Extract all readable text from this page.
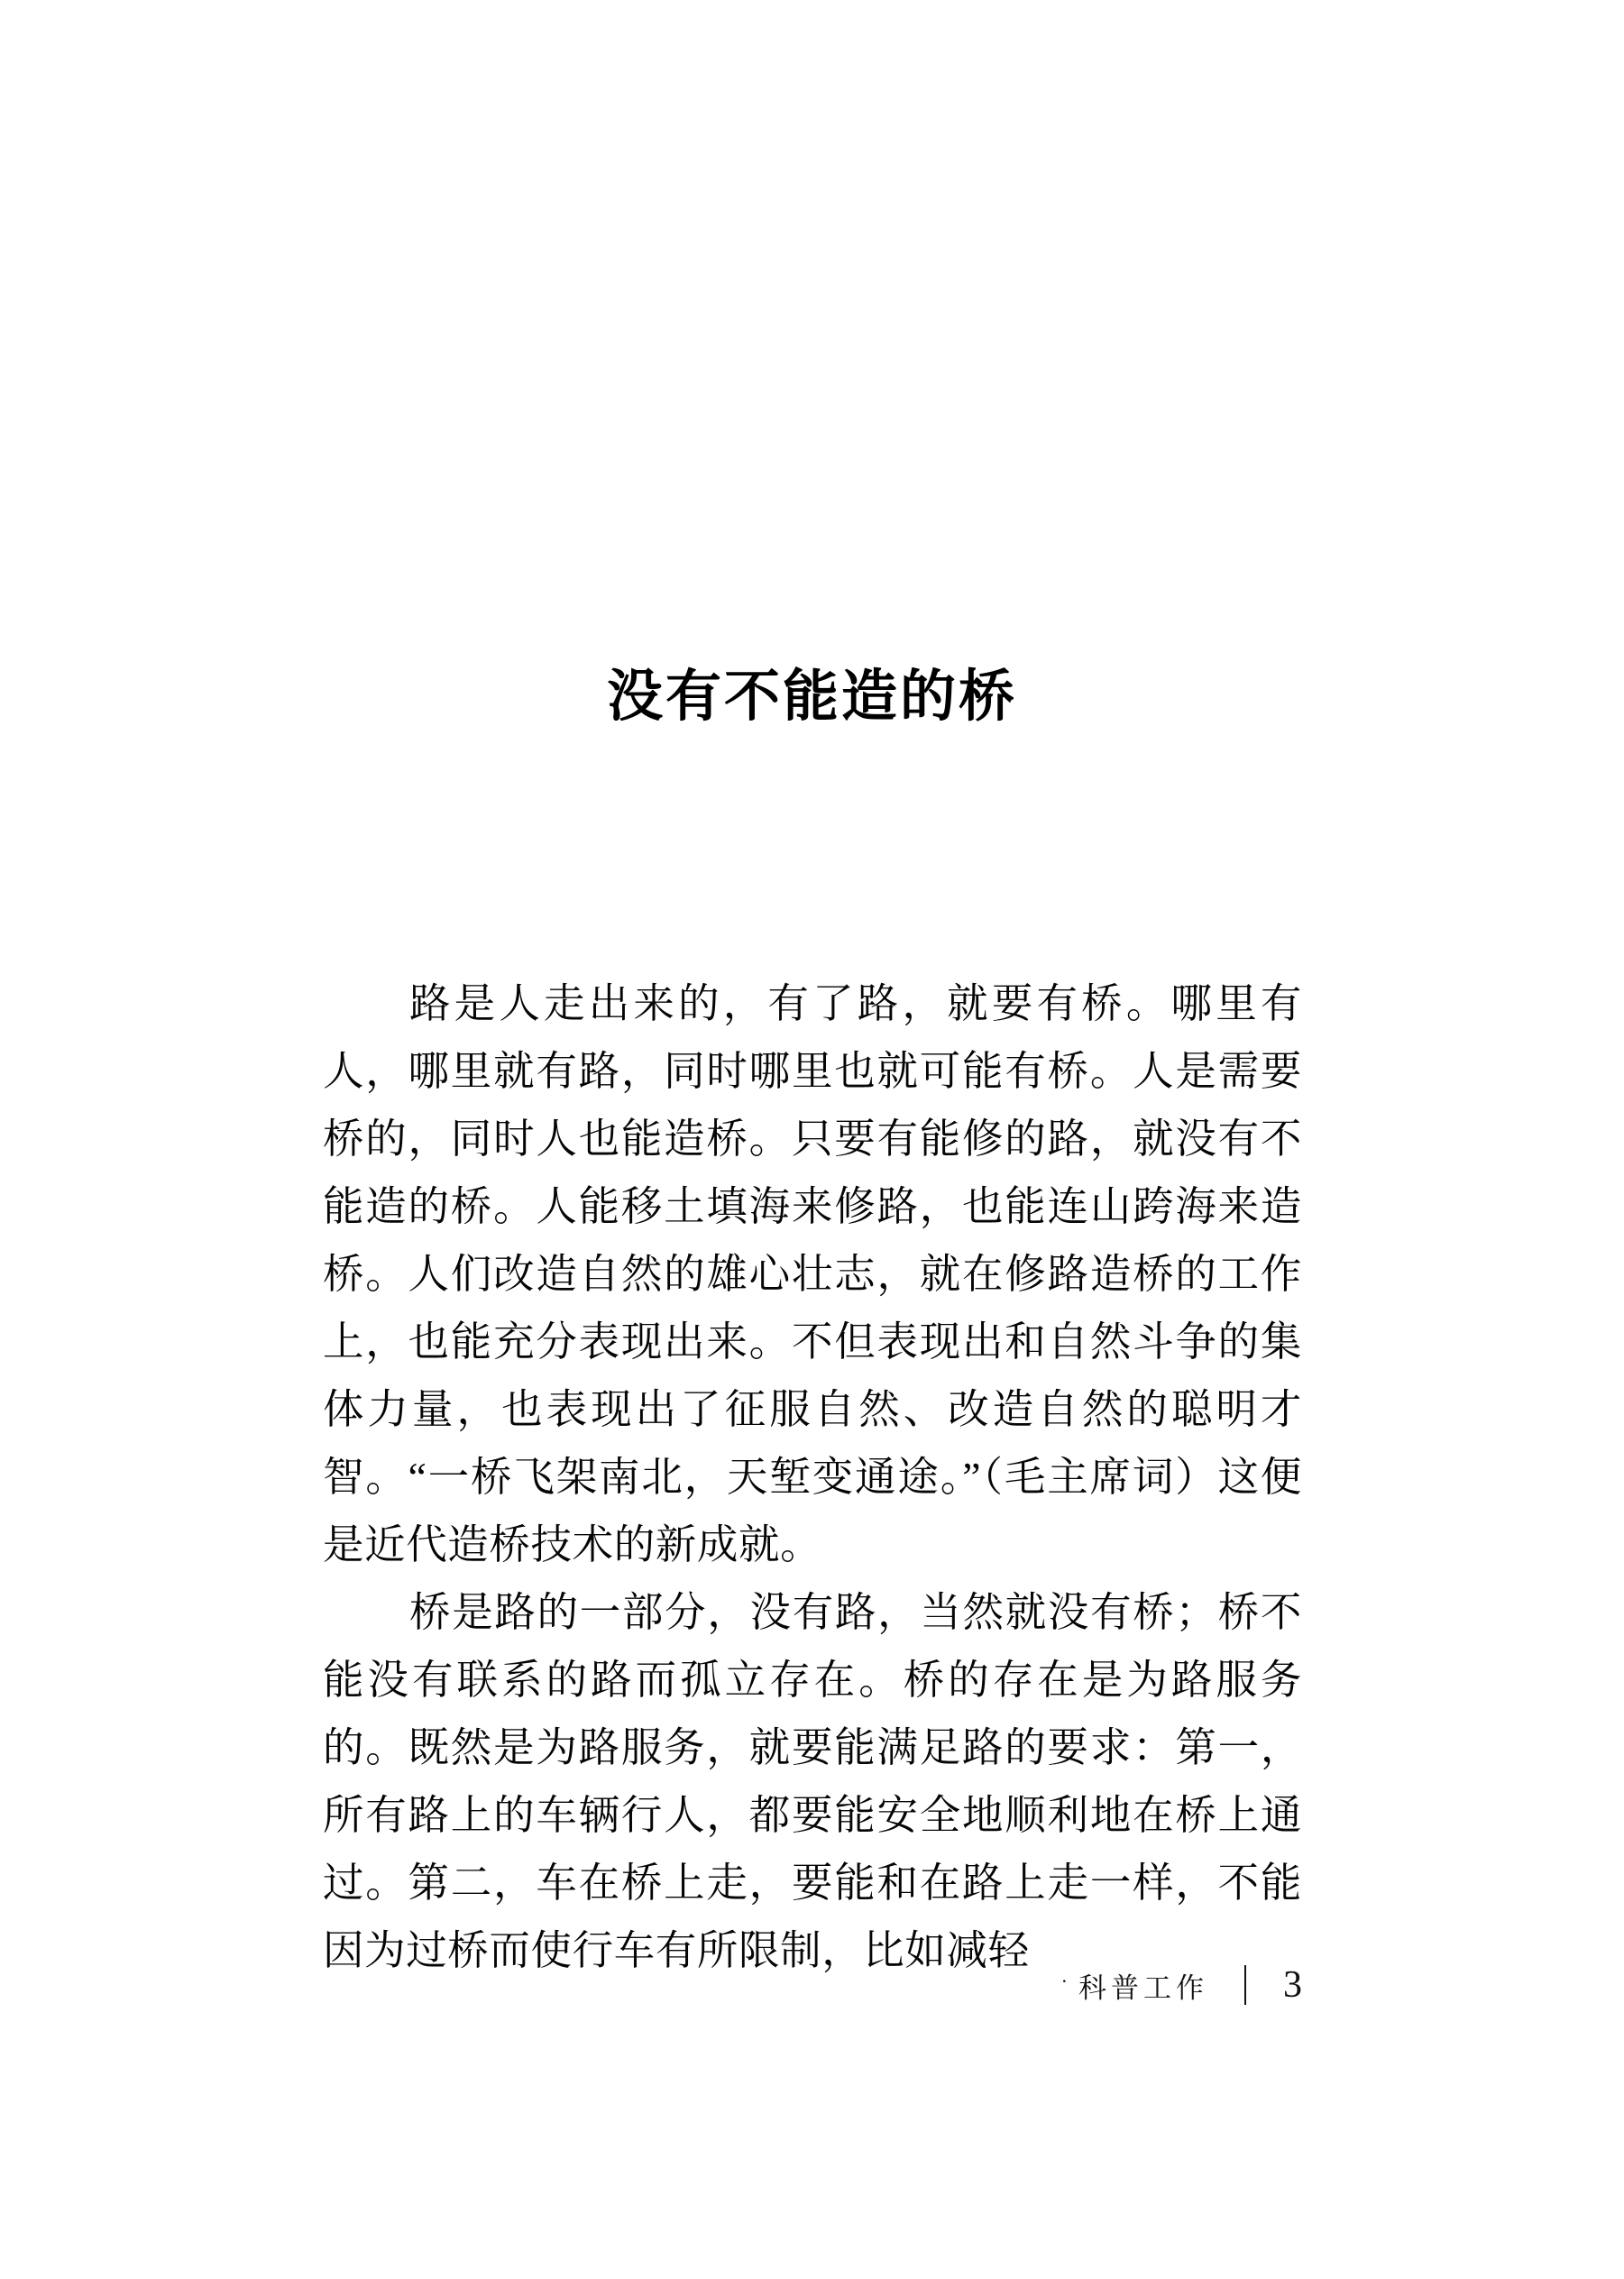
没有不能造的桥

路是人走出来的，有了路，就要有桥。哪里有人，哪里就有路，同时哪里也就可能有桥。人是需要桥的，同时人也能造桥。只要有能修的路，就没有不能造的桥。人能移土填海来修路，也能连山跨海来造桥。人们改造自然的雄心壮志，就在修路造桥的工作上，也能充分表现出来。不但表现出和自然斗争的集体力量，也表现出了征服自然、改造自然的聪明才智。“一桥飞架南北，天堑变通途。”（毛主席词）这便是近代造桥技术的新成就。

桥是路的一部分，没有路，当然就没有桥；桥不能没有联系的路而孤立存在。桥的存在是为路服务的。既然是为路服务，就要能满足路的要求：第一，所有路上的车辆行人，都要能安全地顺利地在桥上通过。第二，车在桥上走，要能和在路上走一样，不能因为过桥而使行车有所限制，比如减轻

· 科普工作 3
